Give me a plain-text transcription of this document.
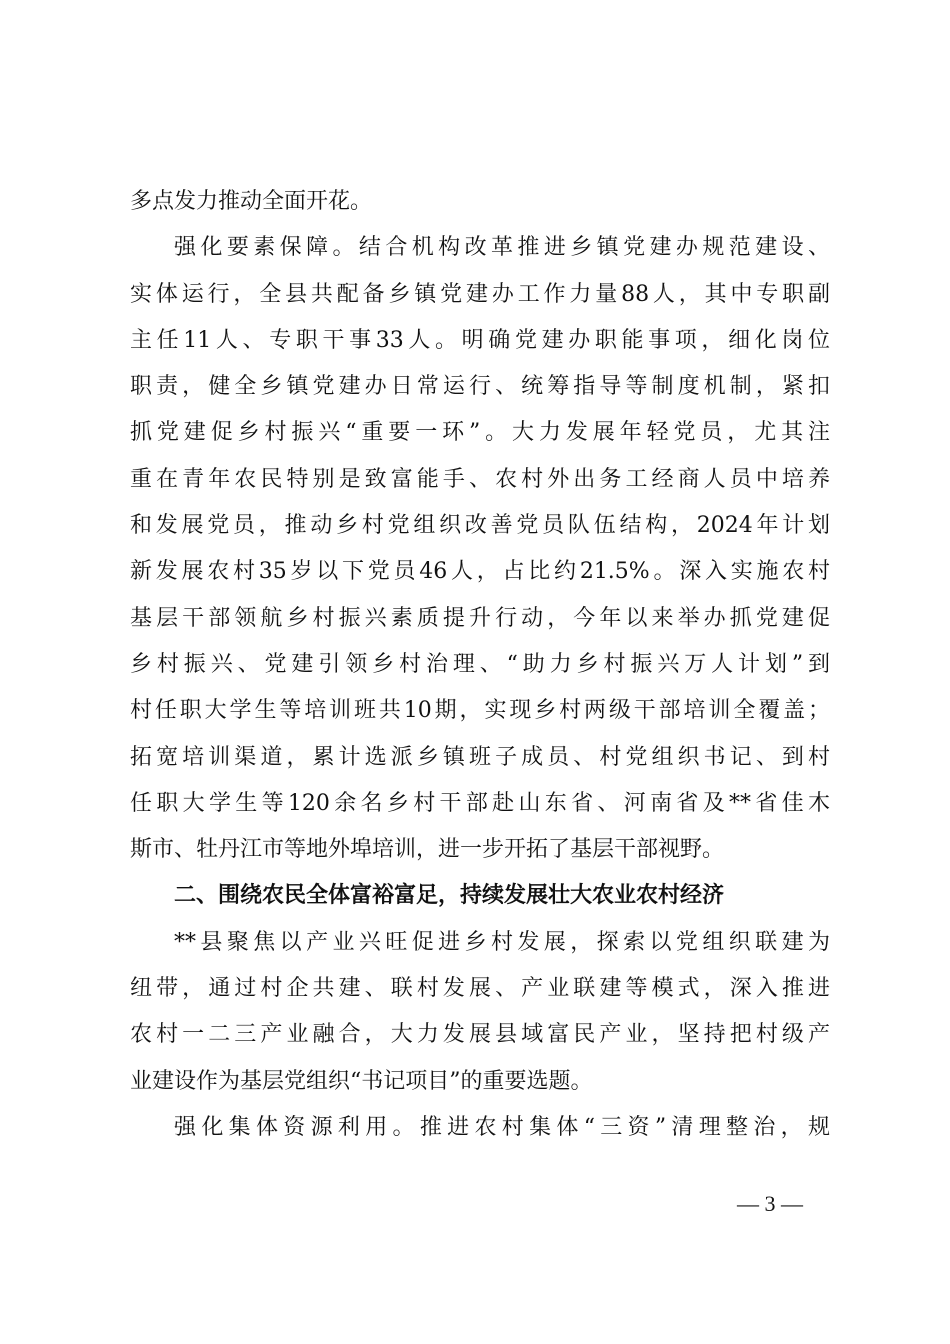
多点发力推动全面开花。

强化要素保障。结合机构改革推进乡镇党建办规范建设、

实体运行，全县共配备乡镇党建办工作力量88人，其中专职副

主任11人、专职干事33人。明确党建办职能事项，细化岗位

职责，健全乡镇党建办日常运行、统筹指导等制度机制，紧扣

抓党建促乡村振兴“重要一环”。大力发展年轻党员，尤其注

重在青年农民特别是致富能手、农村外出务工经商人员中培养

和发展党员，推动乡村党组织改善党员队伍结构，2024年计划

新发展农村35岁以下党员46人，占比约21.5%。深入实施农村

基层干部领航乡村振兴素质提升行动，今年以来举办抓党建促

乡村振兴、党建引领乡村治理、“助力乡村振兴万人计划”到

村任职大学生等培训班共10期，实现乡村两级干部培训全覆盖；

拓宽培训渠道，累计选派乡镇班子成员、村党组织书记、到村

任职大学生等120余名乡村干部赴山东省、河南省及**省佳木

斯市、牡丹江市等地外埠培训，进一步开拓了基层干部视野。

二、围绕农民全体富裕富足，持续发展壮大农业农村经济

**县聚焦以产业兴旺促进乡村发展，探索以党组织联建为

纽带，通过村企共建、联村发展、产业联建等模式，深入推进

农村一二三产业融合，大力发展县域富民产业，坚持把村级产

业建设作为基层党组织“书记项目”的重要选题。

强化集体资源利用。推进农村集体“三资”清理整治，规

— 3 —
